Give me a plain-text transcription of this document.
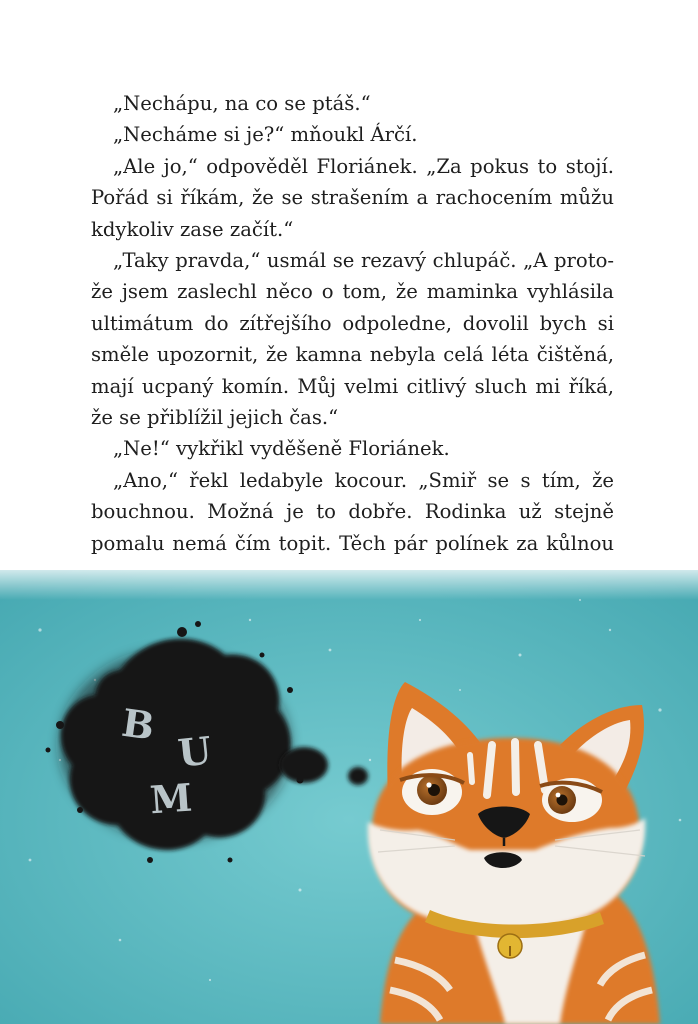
„Nechápu, na co se ptáš.“
„Necháme si je?“ mňoukl Árčí.
„Ale jo,“ odpověděl Floriánek. „Za pokus to stojí.
Pořád si říkám, že se strašením a rachocením můžu
kdykoliv zase začít.“
„Taky pravda,“ usmál se rezavý chlupáč. „A proto-
že jsem zaslechl něco o tom, že maminka vyhlásila
ultimátum do zítřejšího odpoledne, dovolil bych si
směle upozornit, že kamna nebyla celá léta čištěná,
mají ucpaný komín. Můj velmi citlivý sluch mi říká,
že se přiblížil jejich čas.“
„Ne!“ vykřikl vyděšeně Floriánek.
„Ano,“ řekl ledabyle kocour. „Smiř se s tím, že
bouchnou. Možná je to dobře. Rodinka už stejně
pomalu nemá čím topit. Těch pár polínek za kůlnou
B
U
M
